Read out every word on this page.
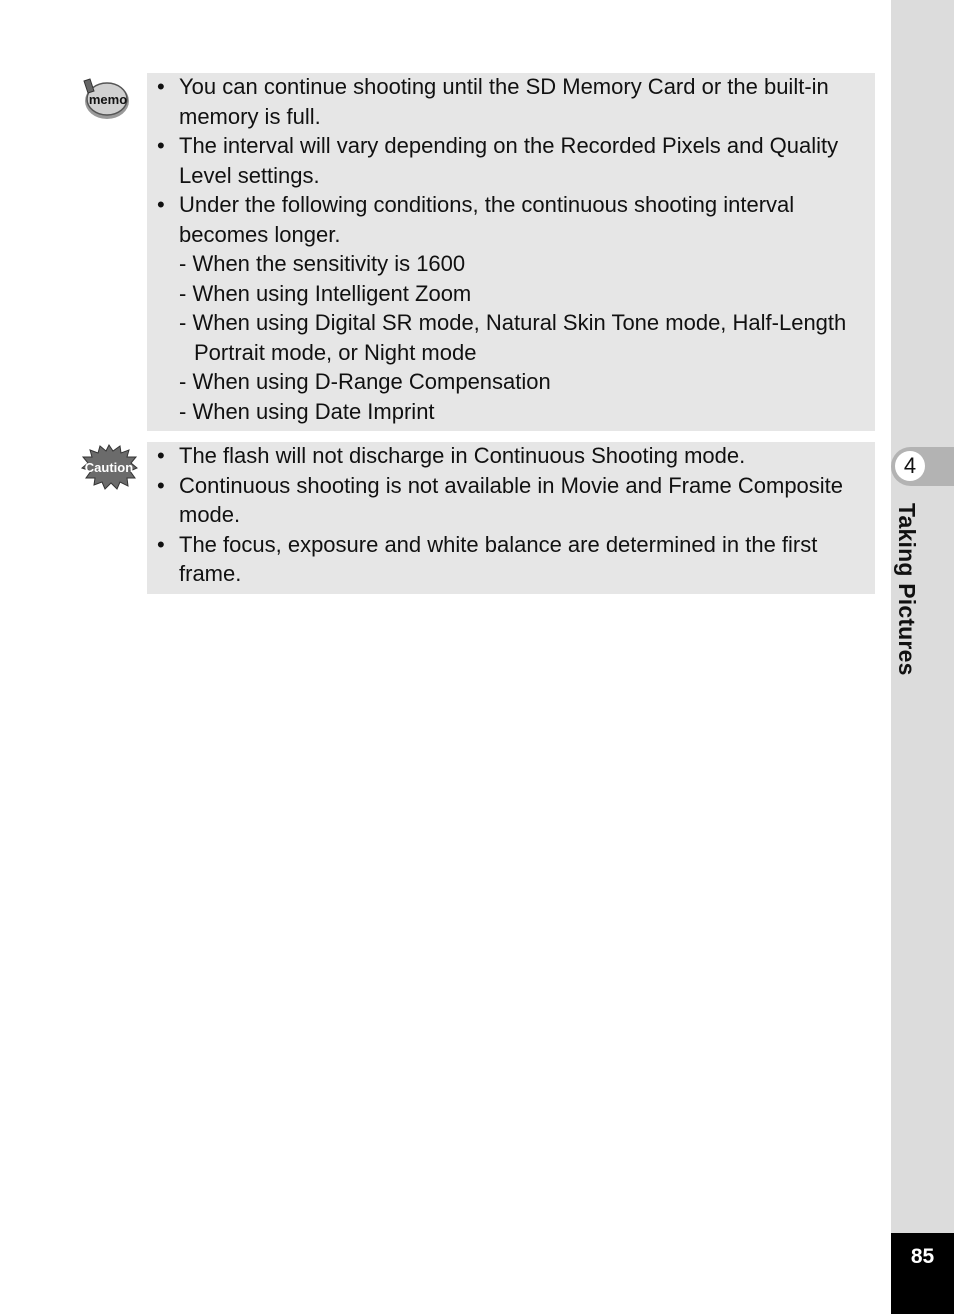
memo
• You can continue shooting until the SD Memory Card or the built-in memory is full.
• The interval will vary depending on the Recorded Pixels and Quality Level settings.
• Under the following conditions, the continuous shooting interval becomes longer.
- When the sensitivity is 1600
- When using Intelligent Zoom
- When using Digital SR mode, Natural Skin Tone mode, Half-Length Portrait mode, or Night mode
- When using D-Range Compensation
- When using Date Imprint
Caution • The flash will not discharge in Continuous Shooting mode.
• Continuous shooting is not available in Movie and Frame Composite mode.
• The focus, exposure and white balance are determined in the first frame.
4
85
Taking Pictures
